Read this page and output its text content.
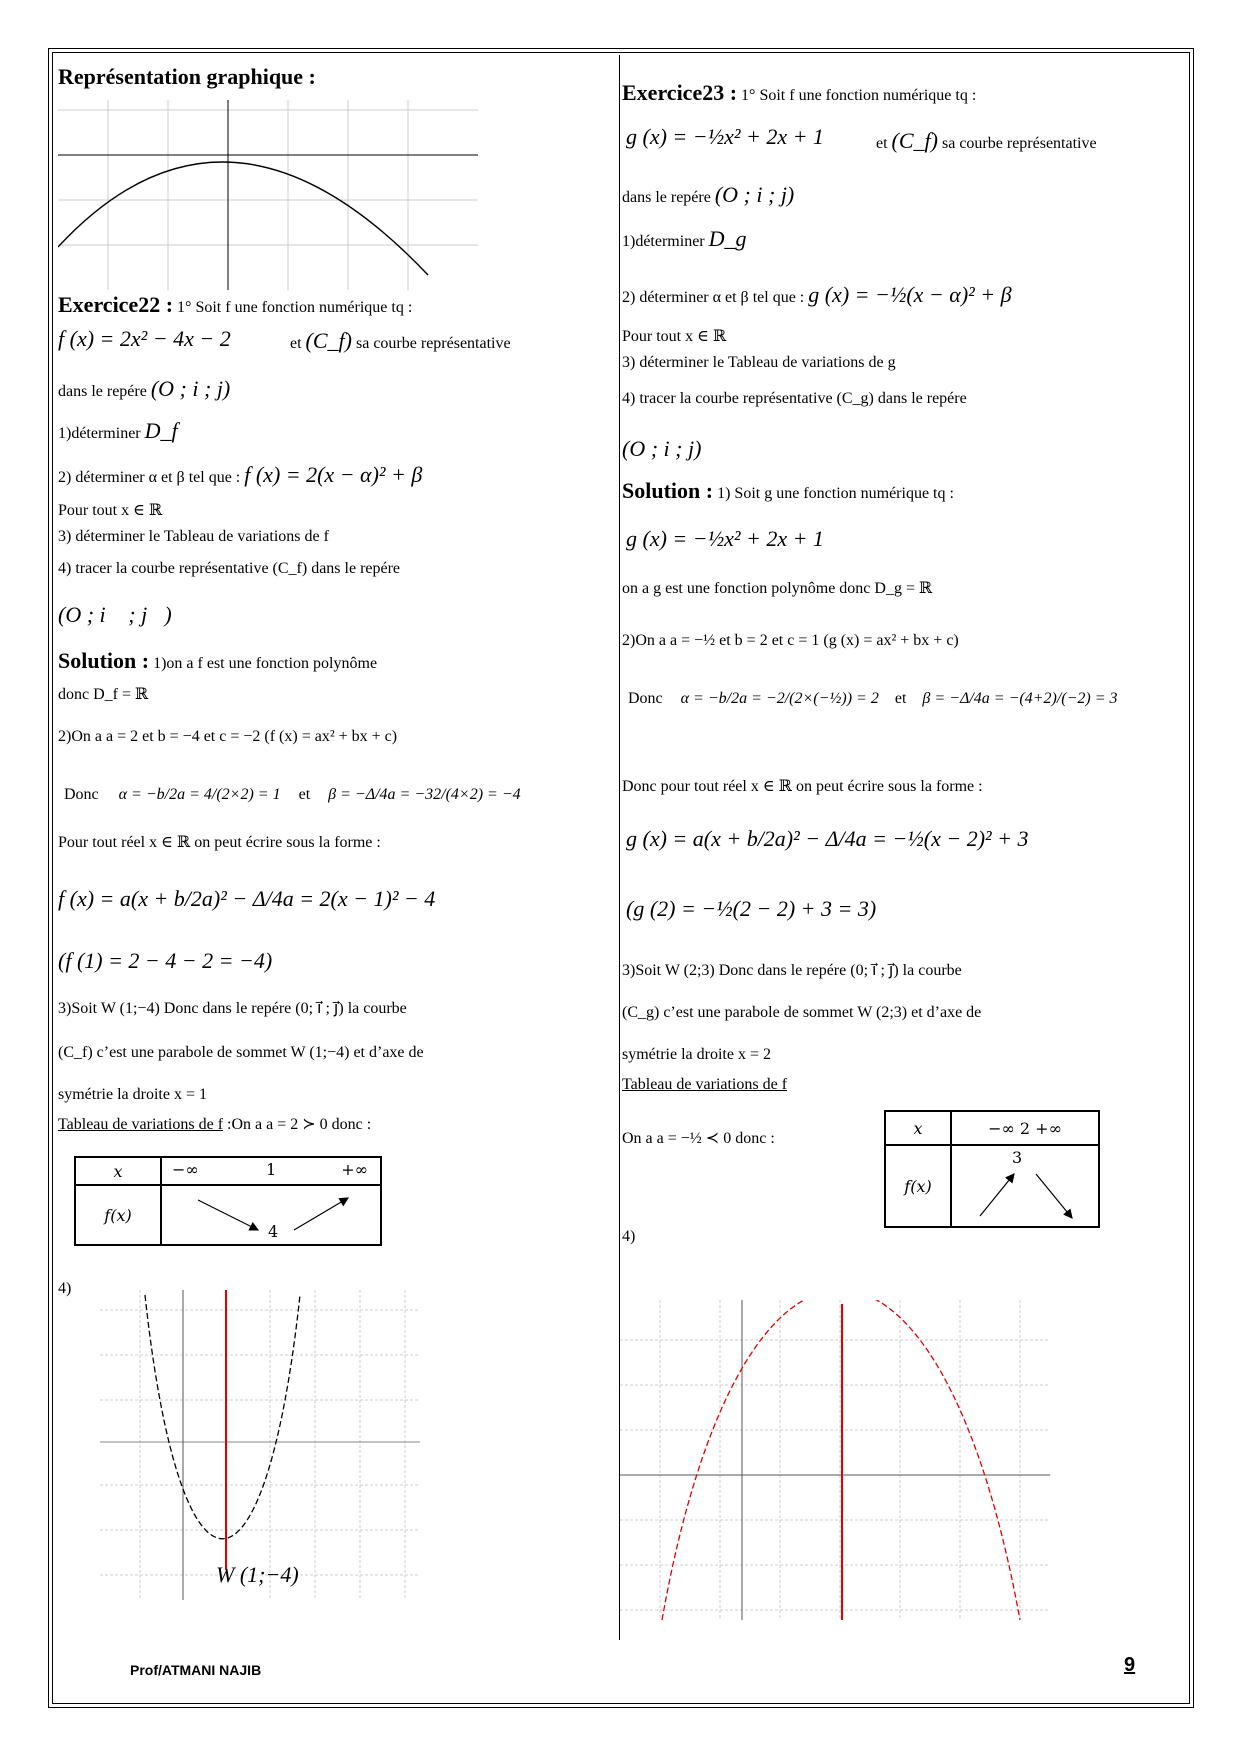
Représentation graphique :
Exercice22 : 1° Soit f une fonction numérique tq :
f (x) = 2x² − 4x − 2	et (C_f) sa courbe représentative
dans le repére (O ; i ; j)
1)déterminer D_f
2) déterminer α et β tel que : f (x) = 2(x − α)² + β
Pour tout x ∈ ℝ
3) déterminer le Tableau de variations de f
4) tracer la courbe représentative (C_f) dans le repére
(O ; i⃗ ; j⃗)
Solution : 1)on a f est une fonction polynôme
donc D_f = ℝ
2)On a a = 2 et b = −4 et c = −2 (f (x) = ax² + bx + c)
Donc α = −b/2a = 4/(2×2) = 1 et β = −Δ/4a = −32/(4×2) = −4
Pour tout réel x ∈ ℝ on peut écrire sous la forme :
f (x) = a(x + b/2a)² − Δ/4a = 2(x − 1)² − 4
(f (1) = 2 − 4 − 2 = −4)
3)Soit W (1;−4) Donc dans le repére (0; i⃗ ; j⃗) la courbe
(C_f) c’est une parabole de sommet W (1;−4) et d’axe de
symétrie la droite x = 1
Tableau de variations de f :On a a = 2 ≻ 0 donc :
x	−∞ 1 +∞

f(x)	4
4)
W (1;−4)
Exercice23 : 1° Soit f une fonction numérique tq :
g (x) = −½x² + 2x + 1	et (C_f) sa courbe représentative
dans le repére (O ; i ; j)
1)déterminer D_g
2) déterminer α et β tel que : g (x) = −½(x − α)² + β
Pour tout x ∈ ℝ
3) déterminer le Tableau de variations de g
4) tracer la courbe représentative (C_g) dans le repére
(O ; i ; j)
Solution : 1) Soit g une fonction numérique tq :
g (x) = −½x² + 2x + 1
on a g est une fonction polynôme donc D_g = ℝ
2)On a a = −½ et b = 2 et c = 1 (g (x) = ax² + bx + c)
Donc α = −b/2a = −2/(2×(−½)) = 2 et β = −Δ/4a = −(4+2)/(−2) = 3
Donc pour tout réel x ∈ ℝ on peut écrire sous la forme :
g (x) = a(x + b/2a)² − Δ/4a = −½(x − 2)² + 3
(g (2) = −½(2 − 2) + 3 = 3)
3)Soit W (2;3) Donc dans le repére (0; i⃗ ; j⃗) la courbe
(C_g) c’est une parabole de sommet W (2;3) et d’axe de
symétrie la droite x = 2
Tableau de variations de f
On a a = −½ ≺ 0 donc :
x	−∞ 2 +∞
f(x)	3
4)
Prof/ATMANI NAJIB	9
